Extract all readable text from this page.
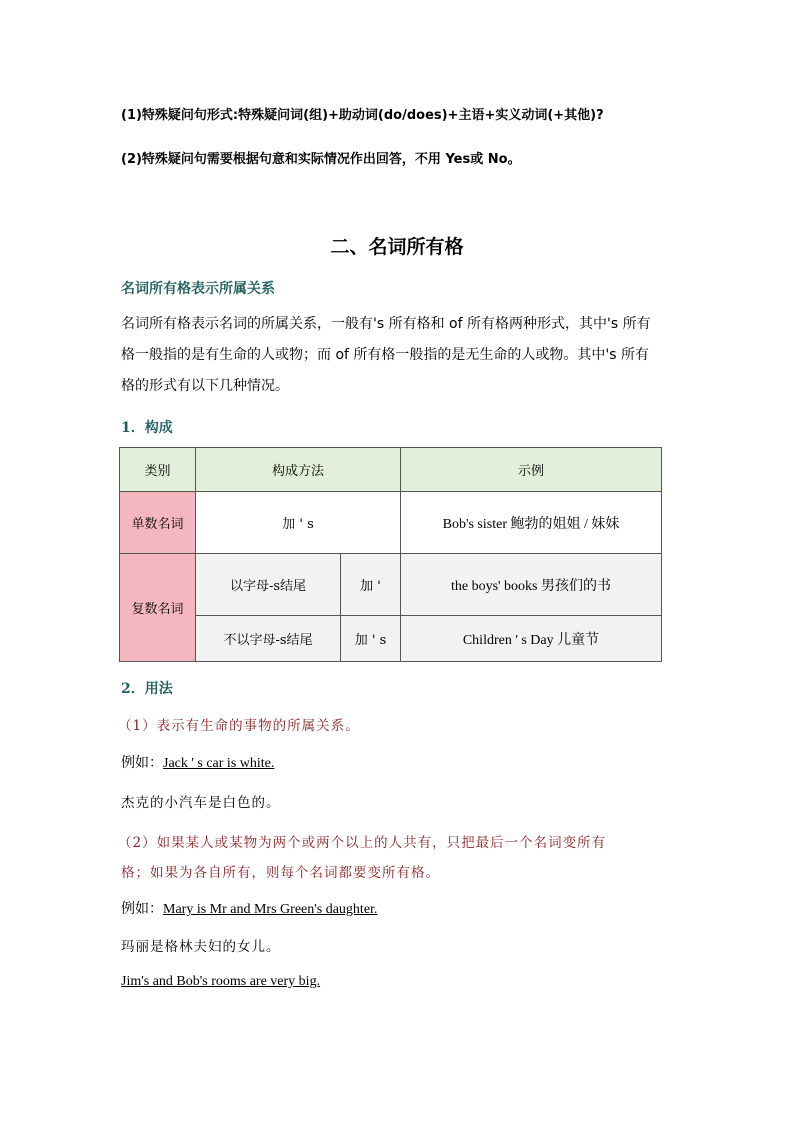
(1)特殊疑问句形式:特殊疑问词(组)+助动词(do/does)+主语+实义动词(+其他)?
(2)特殊疑问句需要根据句意和实际情况作出回答，不用 Yes或 No。
二、名词所有格
名词所有格表示所属关系
名词所有格表示名词的所属关系，一般有's 所有格和 of 所有格两种形式，其中's 所有
格一般指的是有生命的人或物；而 of 所有格一般指的是无生命的人或物。其中's 所有
格的形式有以下几种情况。
1．构成
类别	构成方法		示例
单数名词	加 ' s		Bob's sister 鲍勃的姐姐 / 妹妹
复数名词	以字母-s结尾	加 '	the boys' books 男孩们的书
	不以字母-s结尾	加 ' s	Children ' s Day 儿童节
2．用法
（1）表示有生命的事物的所属关系。
例如：Jack ' s car is white.
杰克的小汽车是白色的。
（2）如果某人或某物为两个或两个以上的人共有，只把最后一个名词变所有
格；如果为各自所有，则每个名词都要变所有格。
例如：Mary is Mr and Mrs Green's daughter.
玛丽是格林夫妇的女儿。
Jim's and Bob's rooms are very big.
